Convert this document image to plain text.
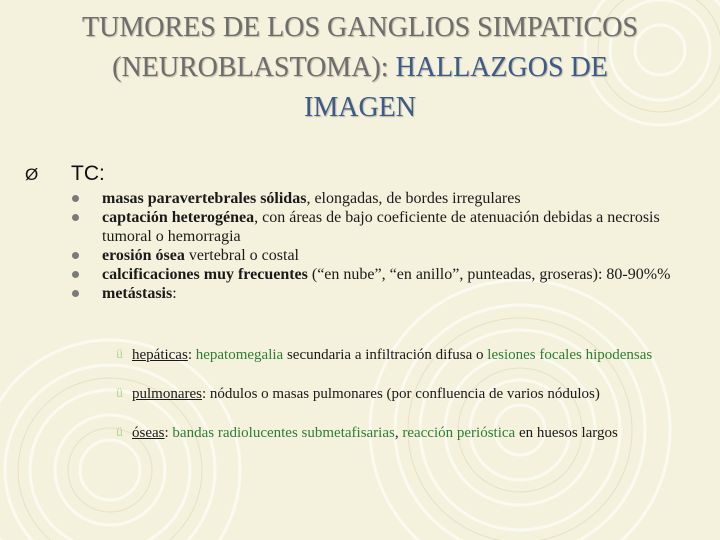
TUMORES DE LOS GANGLIOS SIMPATICOS
(NEUROBLASTOMA): HALLAZGOS DE
IMAGEN
Ø TC:
masas paravertebrales sólidas, elongadas, de bordes irregulares
captación heterogénea, con áreas de bajo coeficiente de atenuación debidas a necrosis tumoral o hemorragia
erosión ósea vertebral o costal
calcificaciones muy frecuentes (“en nube”, “en anillo”, punteadas, groseras): 80-90%%
metástasis:
ü hepáticas: hepatomegalia secundaria a infiltración difusa o lesiones focales hipodensas
ü pulmonares: nódulos o masas pulmonares (por confluencia de varios nódulos)
ü óseas: bandas radiolucentes submetafisarias, reacción perióstica en huesos largos
